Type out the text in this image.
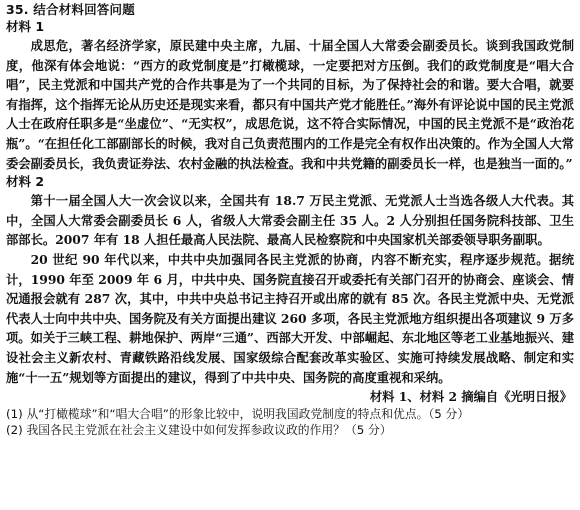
35. 结合材料回答问题

材料 1

成思危，著名经济学家，原民建中央主席，九届、十届全国人大常委会副委员长。谈到我国政党制度，他深有体会地说：“西方的政党制度是”打橄榄球，一定要把对方压倒。我们的政党制度是“唱大合唱”，民主党派和中国共产党的合作共事是为了一个共同的目标，为了保持社会的和谐。要大合唱，就要有指挥，这个指挥无论从历史还是现实来看，都只有中国共产党才能胜任。”海外有评论说中国的民主党派人士在政府任职多是“坐虚位”、“无实权”，成思危说，这不符合实际情况，中国的民主党派不是“政治花瓶”。“在担任化工部副部长的时候，我对自己负责范围内的工作是完全有权作出决策的。作为全国人大常委会副委员长，我负责证券法、农村金融的执法检查。我和中共党籍的副委员长一样，也是独当一面的。”

材料 2

第十一届全国人大一次会议以来，全国共有 18.7 万民主党派、无党派人士当选各级人大代表。其中，全国人大常委会副委员长 6 人，省级人大常委会副主任 35 人。2 人分别担任国务院科技部、卫生部部长。2007 年有 18 人担任最高人民法院、最高人民检察院和中央国家机关部委领导职务副职。

20 世纪 90 年代以来，中共中央加强同各民主党派的协商，内容不断充实，程序逐步规范。据统计，1990 年至 2009 年 6 月，中共中央、国务院直接召开或委托有关部门召开的协商会、座谈会、情况通报会就有 287 次，其中，中共中央总书记主持召开或出席的就有 85 次。各民主党派中央、无党派代表人士向中共中央、国务院及有关方面提出建议 260 多项，各民主党派地方组织提出各项建议 9 万多项。如关于三峡工程、耕地保护、两岸“三通”、西部大开发、中部崛起、东北地区等老工业基地振兴、建设社会主义新农村、青藏铁路沿线发展、国家级综合配套改革实验区、实施可持续发展战略、制定和实施“十一五”规划等方面提出的建议，得到了中共中央、国务院的高度重视和采纳。

材料 1、材料 2 摘编自《光明日报》

(1) 从“打橄榄球”和“唱大合唱”的形象比较中，说明我国政党制度的特点和优点。（5 分）

(2) 我国各民主党派在社会主义建设中如何发挥参政议政的作用？（5 分）
